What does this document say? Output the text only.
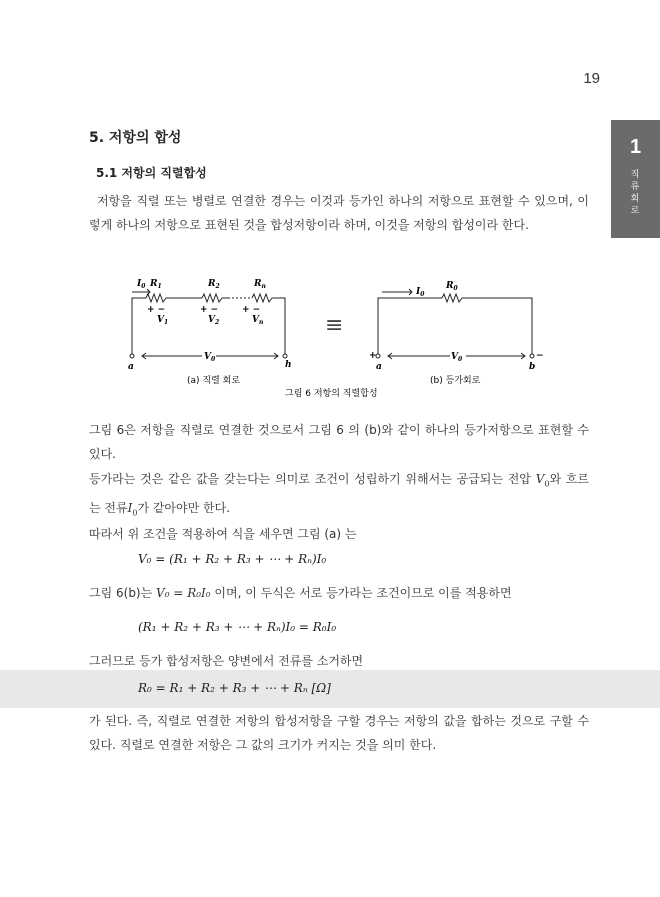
19
1
직류회로
5. 저항의 합성
5.1 저항의 직렬합성
저항을 직렬 또는 병렬로 연결한 경우는 이것과 등가인 하나의 저항으로 표현할 수 있으며, 이렇게 하나의 저항으로 표현된 것을 합성저항이라 하며, 이것을 저항의 합성이라 한다.
$I_0$ $R_1$	$R_2$	$R_n$
+ −	+ −	+ −
$V_1$	$V_2$	$V_n$
$V_0$
a	h
(a) 직렬 회로
≡
$I_0$
$R_0$
$V_0$
+	−
a	b
(b) 등가회로
그림 6 저항의 직렬합성
그림 6은 저항을 직렬로 연결한 것으로서 그림 6 의 (b)와 같이 하나의 등가저항으로 표현할 수 있다.
등가라는 것은 같은 값을 갖는다는 의미로 조건이 성립하기 위해서는 공급되는 전압 $V_0$와 흐르는 전류$I_0$가 같아야만 한다.
따라서 위 조건을 적용하여 식을 세우면 그림 (a) 는
V₀ = (R₁ + R₂ + R₃ + ⋯ + Rₙ)I₀
그림 6(b)는 V₀ = R₀I₀ 이며, 이 두식은 서로 등가라는 조건이므로 이를 적용하면
(R₁ + R₂ + R₃ + ⋯ + Rₙ)I₀ = R₀I₀
그러므로 등가 합성저항은 양변에서 전류를 소거하면
R₀ = R₁ + R₂ + R₃ + ⋯ + Rₙ [Ω]
가 된다. 즉, 직렬로 연결한 저항의 합성저항을 구할 경우는 저항의 값을 합하는 것으로 구할 수 있다. 직렬로 연결한 저항은 그 값의 크기가 커지는 것을 의미 한다.
